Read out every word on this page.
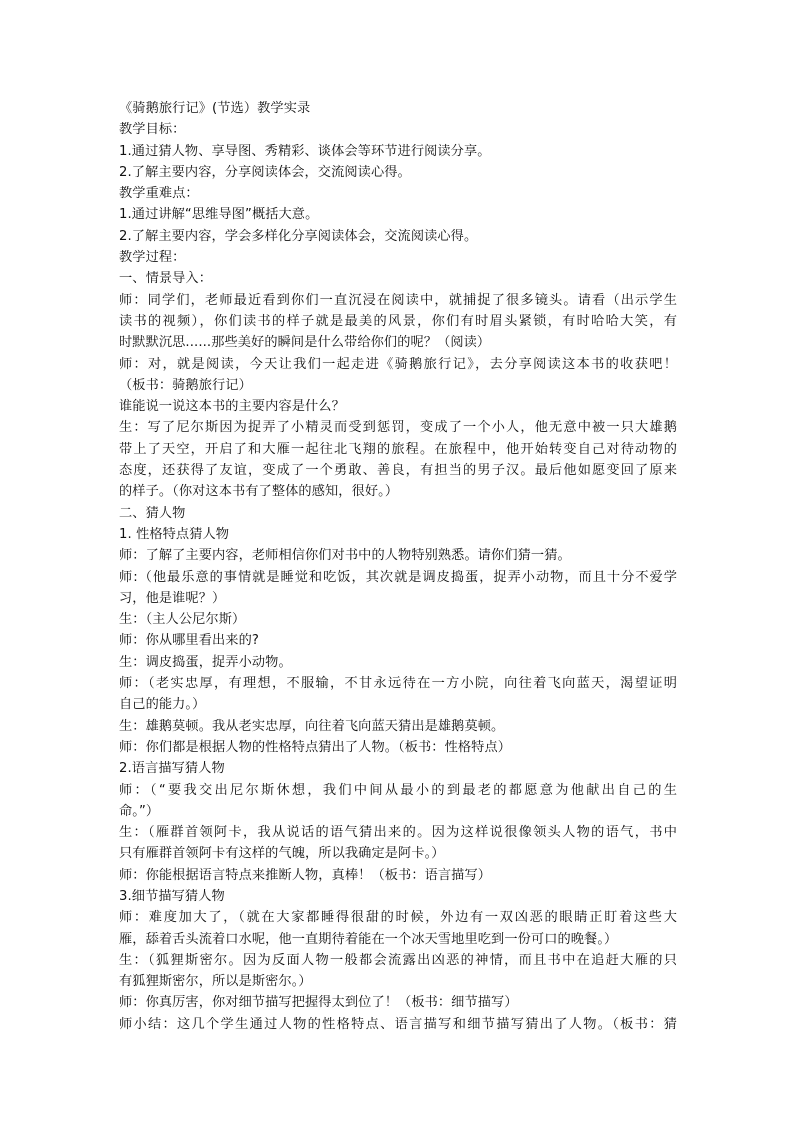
《骑鹅旅行记》(节选）教学实录
教学目标：
1.通过猜人物、享导图、秀精彩、谈体会等环节进行阅读分享。
2.了解主要内容，分享阅读体会，交流阅读心得。
教学重难点：
1.通过讲解“思维导图”概括大意。
2.了解主要内容，学会多样化分享阅读体会，交流阅读心得。
教学过程：
一、情景导入：
师：同学们，老师最近看到你们一直沉浸在阅读中，就捕捉了很多镜头。请看（出示学生
读书的视频），你们读书的样子就是最美的风景，你们有时眉头紧锁，有时哈哈大笑，有
时默默沉思......那些美好的瞬间是什么带给你们的呢？（阅读）
师：对，就是阅读，今天让我们一起走进《骑鹅旅行记》，去分享阅读这本书的收获吧！
（板书：骑鹅旅行记）
谁能说一说这本书的主要内容是什么？
生：写了尼尔斯因为捉弄了小精灵而受到惩罚，变成了一个小人，他无意中被一只大雄鹅
带上了天空，开启了和大雁一起往北飞翔的旅程。在旅程中，他开始转变自己对待动物的
态度，还获得了友谊，变成了一个勇敢、善良，有担当的男子汉。最后他如愿变回了原来
的样子。（你对这本书有了整体的感知，很好。）
二、猜人物
1. 性格特点猜人物
师：了解了主要内容，老师相信你们对书中的人物特别熟悉。请你们猜一猜。
师:（他最乐意的事情就是睡觉和吃饭，其次就是调皮捣蛋，捉弄小动物，而且十分不爱学
习，他是谁呢？）
生：（主人公尼尔斯）
师：你从哪里看出来的?
生：调皮捣蛋，捉弄小动物。
师：（老实忠厚，有理想，不服输，不甘永远待在一方小院，向往着飞向蓝天，渴望证明
自己的能力。）
生：雄鹅莫顿。我从老实忠厚，向往着飞向蓝天猜出是雄鹅莫顿。
师：你们都是根据人物的性格特点猜出了人物。（板书：性格特点）
2.语言描写猜人物
师：（“要我交出尼尔斯休想，我们中间从最小的到最老的都愿意为他献出自己的生
命。”）
生：（雁群首领阿卡，我从说话的语气猜出来的。因为这样说很像领头人物的语气，书中
只有雁群首领阿卡有这样的气魄，所以我确定是阿卡。）
师：你能根据语言特点来推断人物，真棒！（板书：语言描写）
3.细节描写猜人物
师：难度加大了，（就在大家都睡得很甜的时候，外边有一双凶恶的眼睛正盯着这些大
雁，舔着舌头流着口水呢，他一直期待着能在一个冰天雪地里吃到一份可口的晚餐。）
生：（狐狸斯密尔。因为反面人物一般都会流露出凶恶的神情，而且书中在追赶大雁的只
有狐狸斯密尔，所以是斯密尔。）
师：你真厉害，你对细节描写把握得太到位了！（板书：细节描写）
师小结：这几个学生通过人物的性格特点、语言描写和细节描写猜出了人物。（板书：猜
